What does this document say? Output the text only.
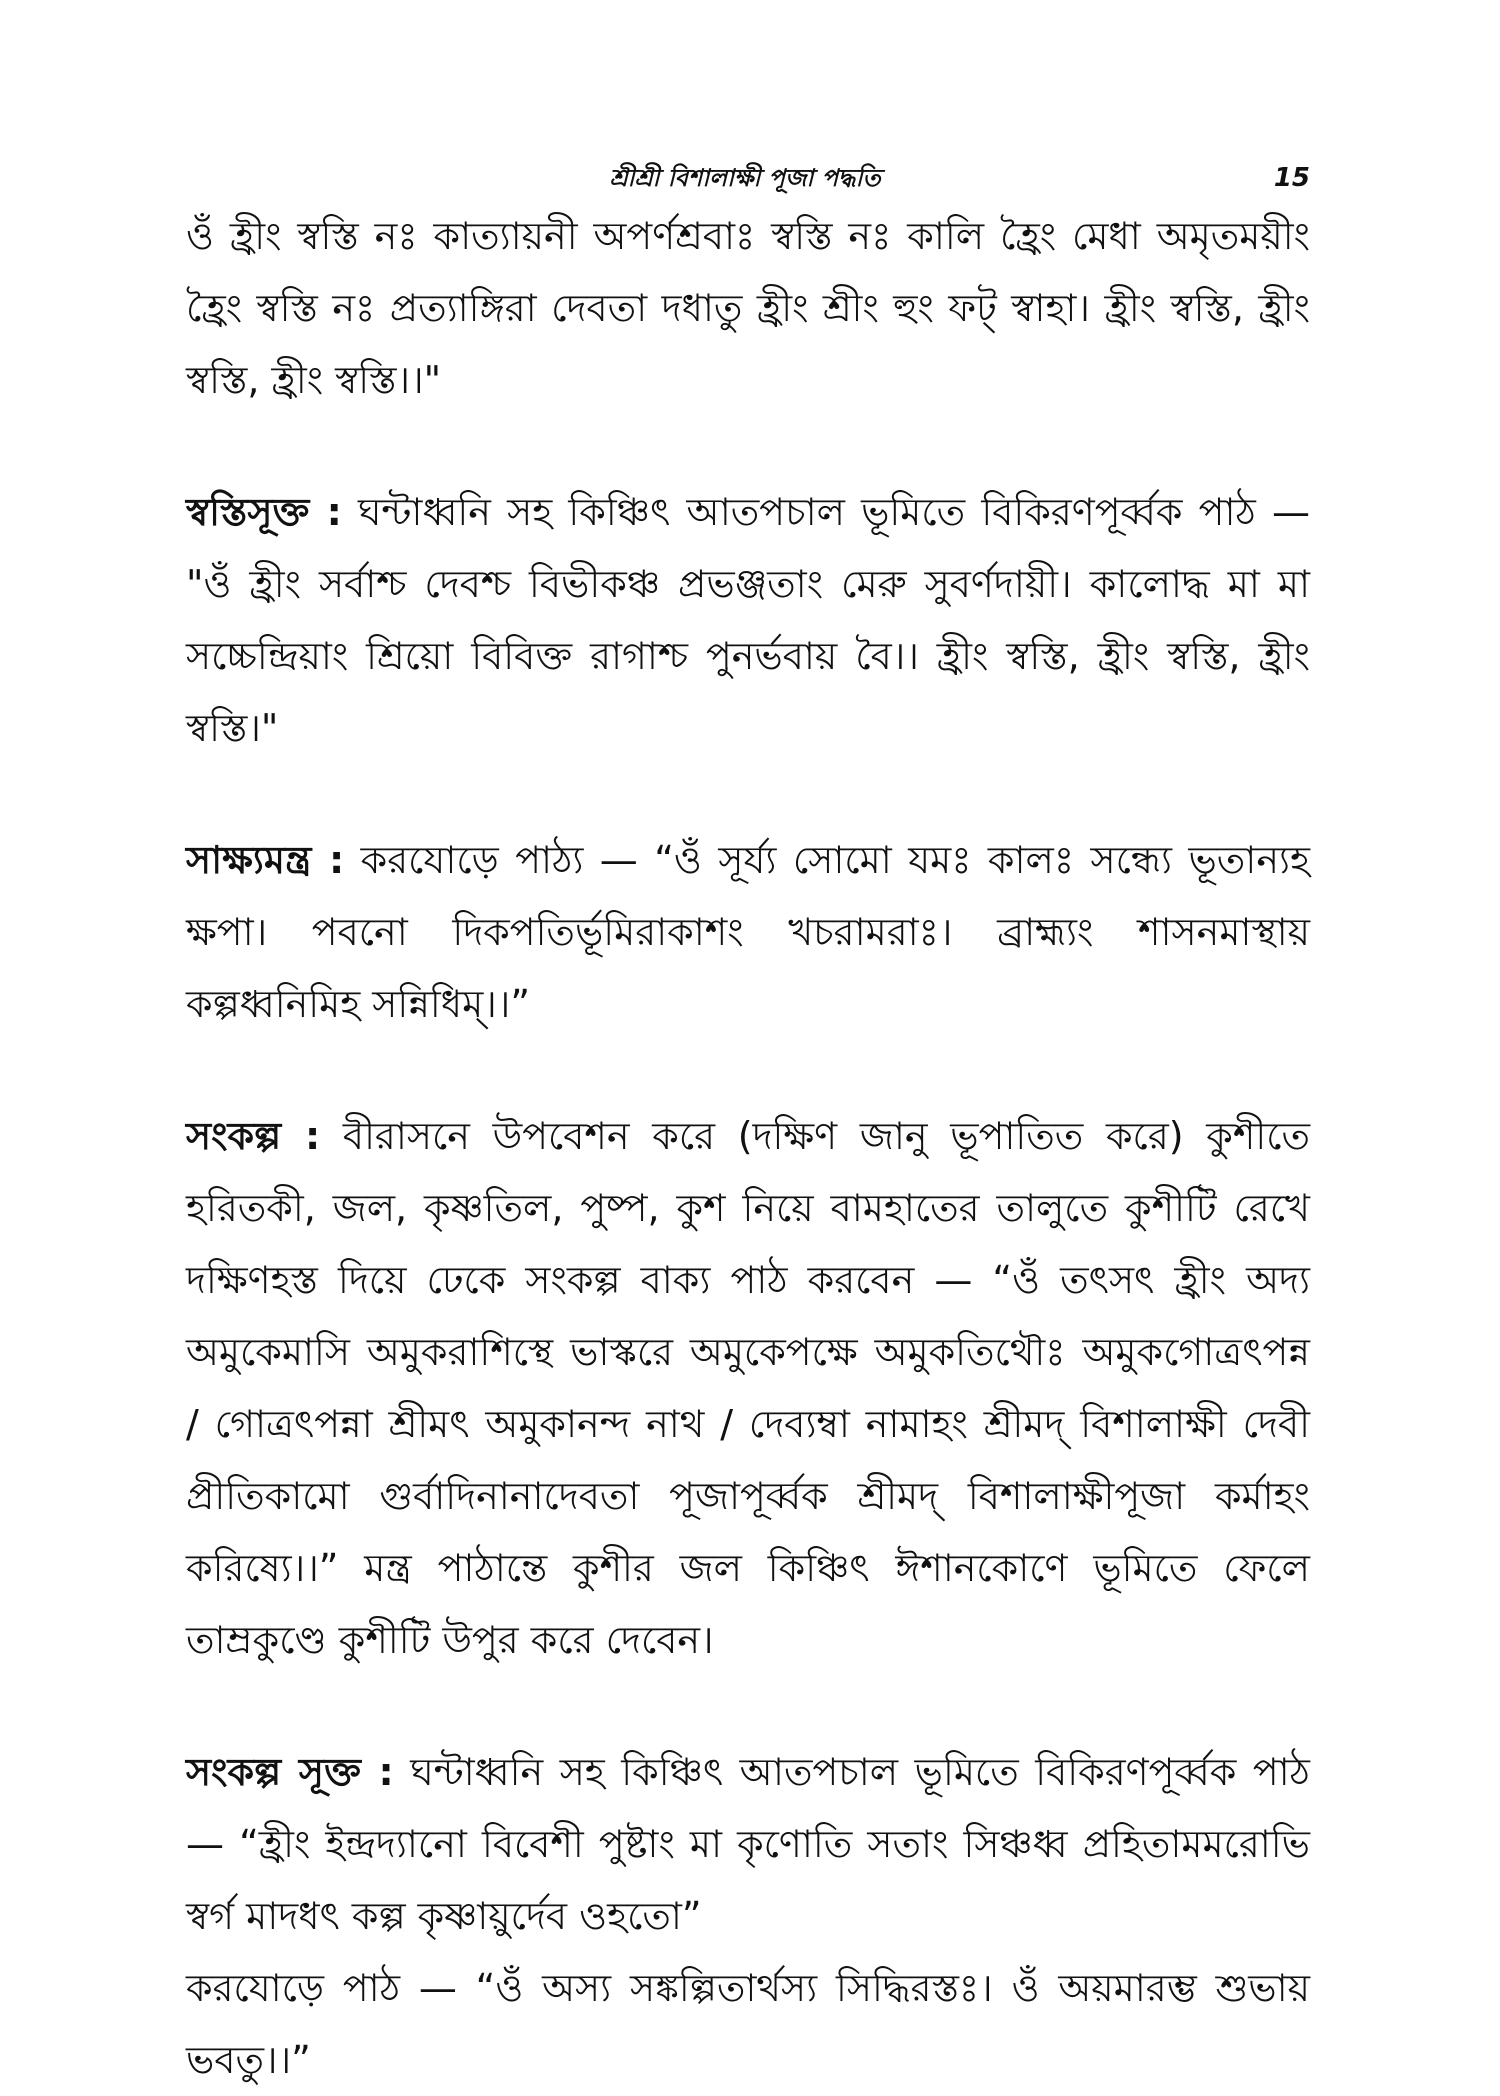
শ্রীশ্রী বিশালাক্ষী পূজা পদ্ধতি	15

ওঁ হ্রীং স্বস্তি নঃ কাত্যায়নী অপর্ণশ্রবাঃ স্বস্তি নঃ কালি হ্রৈং মেধা অমৃতময়ীং হ্রৈং স্বস্তি নঃ প্রত্যাঙ্গিরা দেবতা দধাতু হ্রীং শ্রীং হুং ফট্ স্বাহা। হ্রীং স্বস্তি, হ্রীং স্বস্তি, হ্রীং স্বস্তি।।"

স্বস্তিসূক্ত : ঘন্টাধ্বনি সহ কিঞ্চিৎ আতপচাল ভূমিতে বিকিরণপূর্ব্বক পাঠ — "ওঁ হ্রীং সর্বাশ্চ দেবশ্চ বিভীকঞ্চ প্রভঞ্জতাং মেরু সুবর্ণদায়ী। কালোদ্ধ মা মা সচ্চেন্দ্রিয়াং শ্রিয়ো বিবিক্ত রাগাশ্চ পুনর্ভবায় বৈ।। হ্রীং স্বস্তি, হ্রীং স্বস্তি, হ্রীং স্বস্তি।"

সাক্ষ্যমন্ত্র : করযোড়ে পাঠ্য — “ওঁ সূর্য্য সোমো যমঃ কালঃ সন্ধ্যে ভূতান্যহ ক্ষপা। পবনো দিকপতির্ভূমিরাকাশং খচরামরাঃ। ব্রাহ্ম্যং শাসনমাস্থায় কল্পধ্বনিমিহ সন্নিধিম্।।”

সংকল্প : বীরাসনে উপবেশন করে (দক্ষিণ জানু ভূপাতিত করে) কুশীতে হরিতকী, জল, কৃষ্ণতিল, পুষ্প, কুশ নিয়ে বামহাতের তালুতে কুশীটি রেখে দক্ষিণহস্ত দিয়ে ঢেকে সংকল্প বাক্য পাঠ করবেন — “ওঁ তৎসৎ হ্রীং অদ্য অমুকেমাসি অমুকরাশিস্থে ভাস্করে অমুকেপক্ষে অমুকতিথৌঃ অমুকগোত্রৎপন্ন / গোত্রৎপন্না শ্রীমৎ অমুকানন্দ নাথ / দেব্যম্বা নামাহং শ্রীমদ্ বিশালাক্ষী দেবী প্রীতিকামো গুর্বাদিনানাদেবতা পূজাপূর্ব্বক শ্রীমদ্ বিশালাক্ষীপূজা কর্মাহং করিষ্যে।।” মন্ত্র পাঠান্তে কুশীর জল কিঞ্চিৎ ঈশানকোণে ভূমিতে ফেলে তাম্রকুণ্ডে কুশীটি উপুর করে দেবেন।

সংকল্প সূক্ত : ঘন্টাধ্বনি সহ কিঞ্চিৎ আতপচাল ভূমিতে বিকিরণপূর্ব্বক পাঠ — “হ্রীং ইন্দ্রদ্যানো বিবেশী পুষ্টাং মা কৃণোতি সতাং সিঞ্চধ্ব প্রহিতামমরোভি স্বর্গ মাদধৎ কল্প কৃষ্ণায়ুর্দেব ওহতো”

করযোড়ে পাঠ — “ওঁ অস্য সঙ্কল্পিতার্থস্য সিদ্ধিরস্তঃ। ওঁ অয়মারম্ভ শুভায় ভবতু।।”
